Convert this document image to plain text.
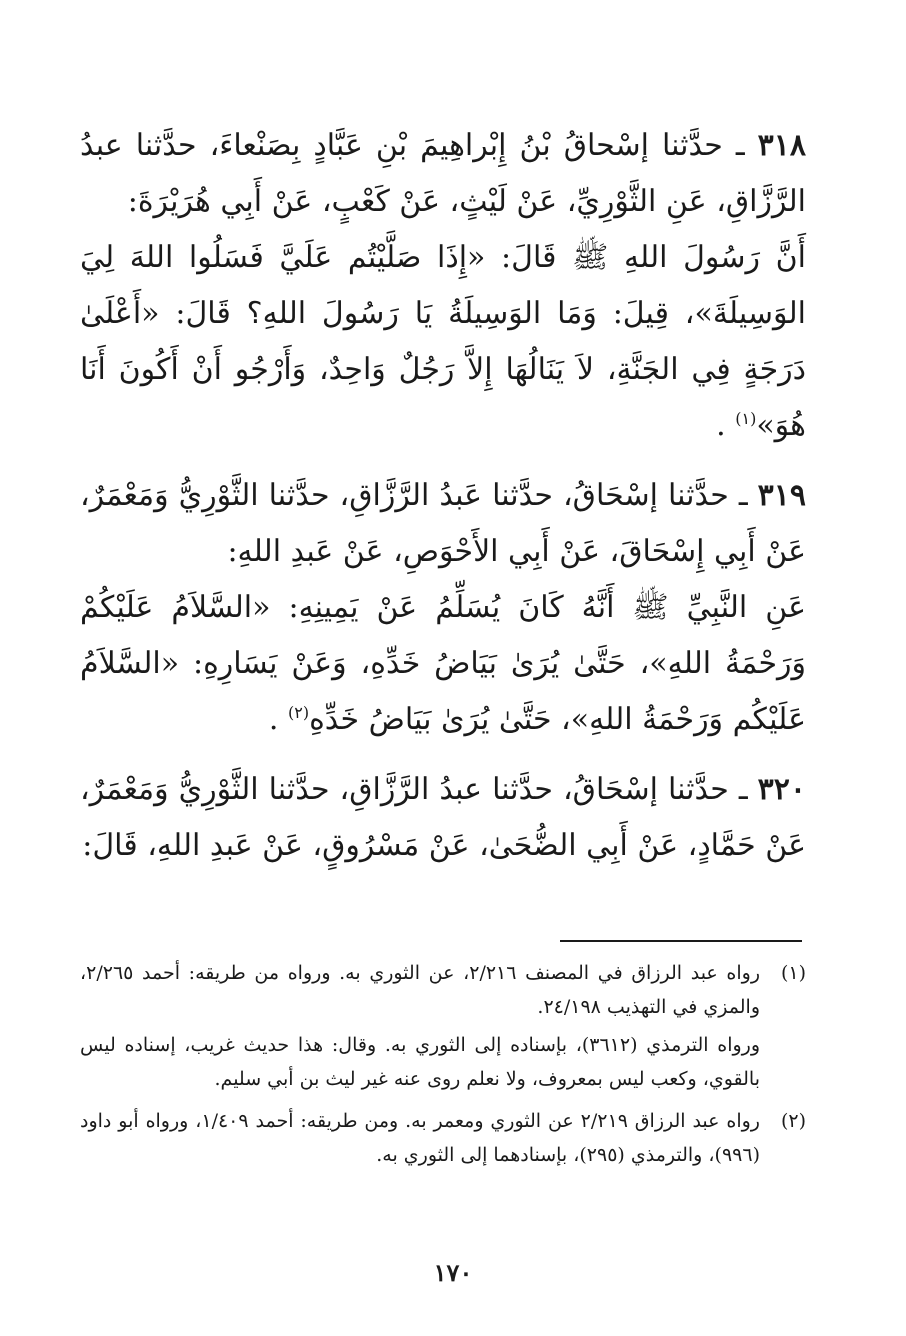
٣١٨ ـ حدَّثنا إسْحاقُ بْنُ إِبْراهِيمَ بْنِ عَبَّادٍ بِصَنْعاءَ، حدَّثنا عبدُ الرَّزَّاقِ، عَنِ الثَّوْرِيِّ، عَنْ لَيْثٍ، عَنْ كَعْبٍ، عَنْ أَبِي هُرَيْرَةَ:

أَنَّ رَسُولَ اللهِ ﷺ قَالَ: «إِذَا صَلَّيْتُم عَلَيَّ فَسَلُوا اللهَ لِيَ الوَسِيلَةَ»، قِيلَ: وَمَا الوَسِيلَةُ يَا رَسُولَ اللهِ؟ قَالَ: «أَعْلَىٰ دَرَجَةٍ فِي الجَنَّةِ، لاَ يَنَالُهَا إِلاَّ رَجُلٌ وَاحِدٌ، وَأَرْجُو أَنْ أَكُونَ أَنَا هُوَ»$^{(١)}$ .

٣١٩ ـ حدَّثنا إسْحَاقُ، حدَّثنا عَبدُ الرَّزَّاقِ، حدَّثنا الثَّوْرِيُّ وَمَعْمَرٌ، عَنْ أَبِي إِسْحَاقَ، عَنْ أَبِي الأَحْوَصِ، عَنْ عَبدِ اللهِ:

عَنِ النَّبِيِّ ﷺ أَنَّهُ كَانَ يُسَلِّمُ عَنْ يَمِينِهِ: «السَّلاَمُ عَلَيْكُمْ وَرَحْمَةُ اللهِ»، حَتَّىٰ يُرَىٰ بَيَاضُ خَدِّهِ، وَعَنْ يَسَارِهِ: «السَّلاَمُ عَلَيْكُم وَرَحْمَةُ اللهِ»، حَتَّىٰ يُرَىٰ بَيَاضُ خَدِّهِ$^{(٢)}$ .

٣٢٠ ـ حدَّثنا إسْحَاقُ، حدَّثنا عبدُ الرَّزَّاقِ، حدَّثنا الثَّوْرِيُّ وَمَعْمَرٌ، عَنْ حَمَّادٍ، عَنْ أَبِي الضُّحَىٰ، عَنْ مَسْرُوقٍ، عَنْ عَبدِ اللهِ، قَالَ:

(١)

رواه عبد الرزاق في المصنف ٢/٢١٦، عن الثوري به. ورواه من طريقه: أحمد ٢/٢٦٥، والمزي في التهذيب ٢٤/١٩٨.

ورواه الترمذي (٣٦١٢)، بإسناده إلى الثوري به. وقال: هذا حديث غريب، إسناده ليس بالقوي، وكعب ليس بمعروف، ولا نعلم روى عنه غير ليث بن أبي سليم.

(٢)

رواه عبد الرزاق ٢/٢١٩ عن الثوري ومعمر به. ومن طريقه: أحمد ١/٤٠٩، ورواه أبو داود (٩٩٦)، والترمذي (٢٩٥)، بإسنادهما إلى الثوري به.

١٧٠
